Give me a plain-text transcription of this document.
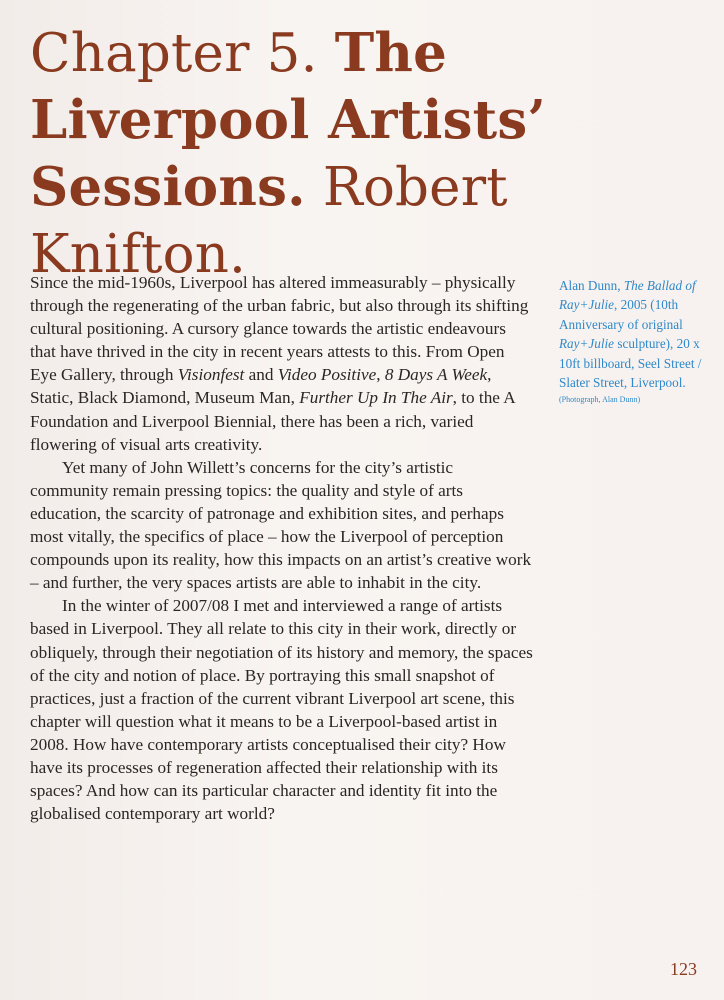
Chapter 5. The Liverpool Artists’ Sessions. Robert Knifton.

Since the mid-1960s, Liverpool has altered immeasurably – physically through the regenerating of the urban fabric, but also through its shifting cultural positioning. A cursory glance towards the artistic endeavours that have thrived in the city in recent years attests to this. From Open Eye Gallery, through Visionfest and Video Positive, 8 Days A Week, Static, Black Diamond, Museum Man, Further Up In The Air, to the A Foundation and Liverpool Biennial, there has been a rich, varied flowering of visual arts creativity.

Yet many of John Willett’s concerns for the city’s artistic community remain pressing topics: the quality and style of arts education, the scarcity of patronage and exhibition sites, and perhaps most vitally, the specifics of place – how the Liverpool of perception compounds upon its reality, how this impacts on an artist’s creative work – and further, the very spaces artists are able to inhabit in the city.

In the winter of 2007/08 I met and interviewed a range of artists based in Liverpool. They all relate to this city in their work, directly or obliquely, through their negotiation of its history and memory, the spaces of the city and notion of place. By portraying this small snapshot of practices, just a fraction of the current vibrant Liverpool art scene, this chapter will question what it means to be a Liverpool-based artist in 2008. How have contemporary artists conceptualised their city? How have its processes of regeneration affected their relationship with its spaces? And how can its particular character and identity fit into the globalised contemporary art world?

Alan Dunn, The Ballad of Ray+Julie, 2005 (10th Anniversary of original Ray+Julie sculpture), 20 x 10ft billboard, Seel Street / Slater Street, Liverpool.
(Photograph, Alan Dunn)
123
